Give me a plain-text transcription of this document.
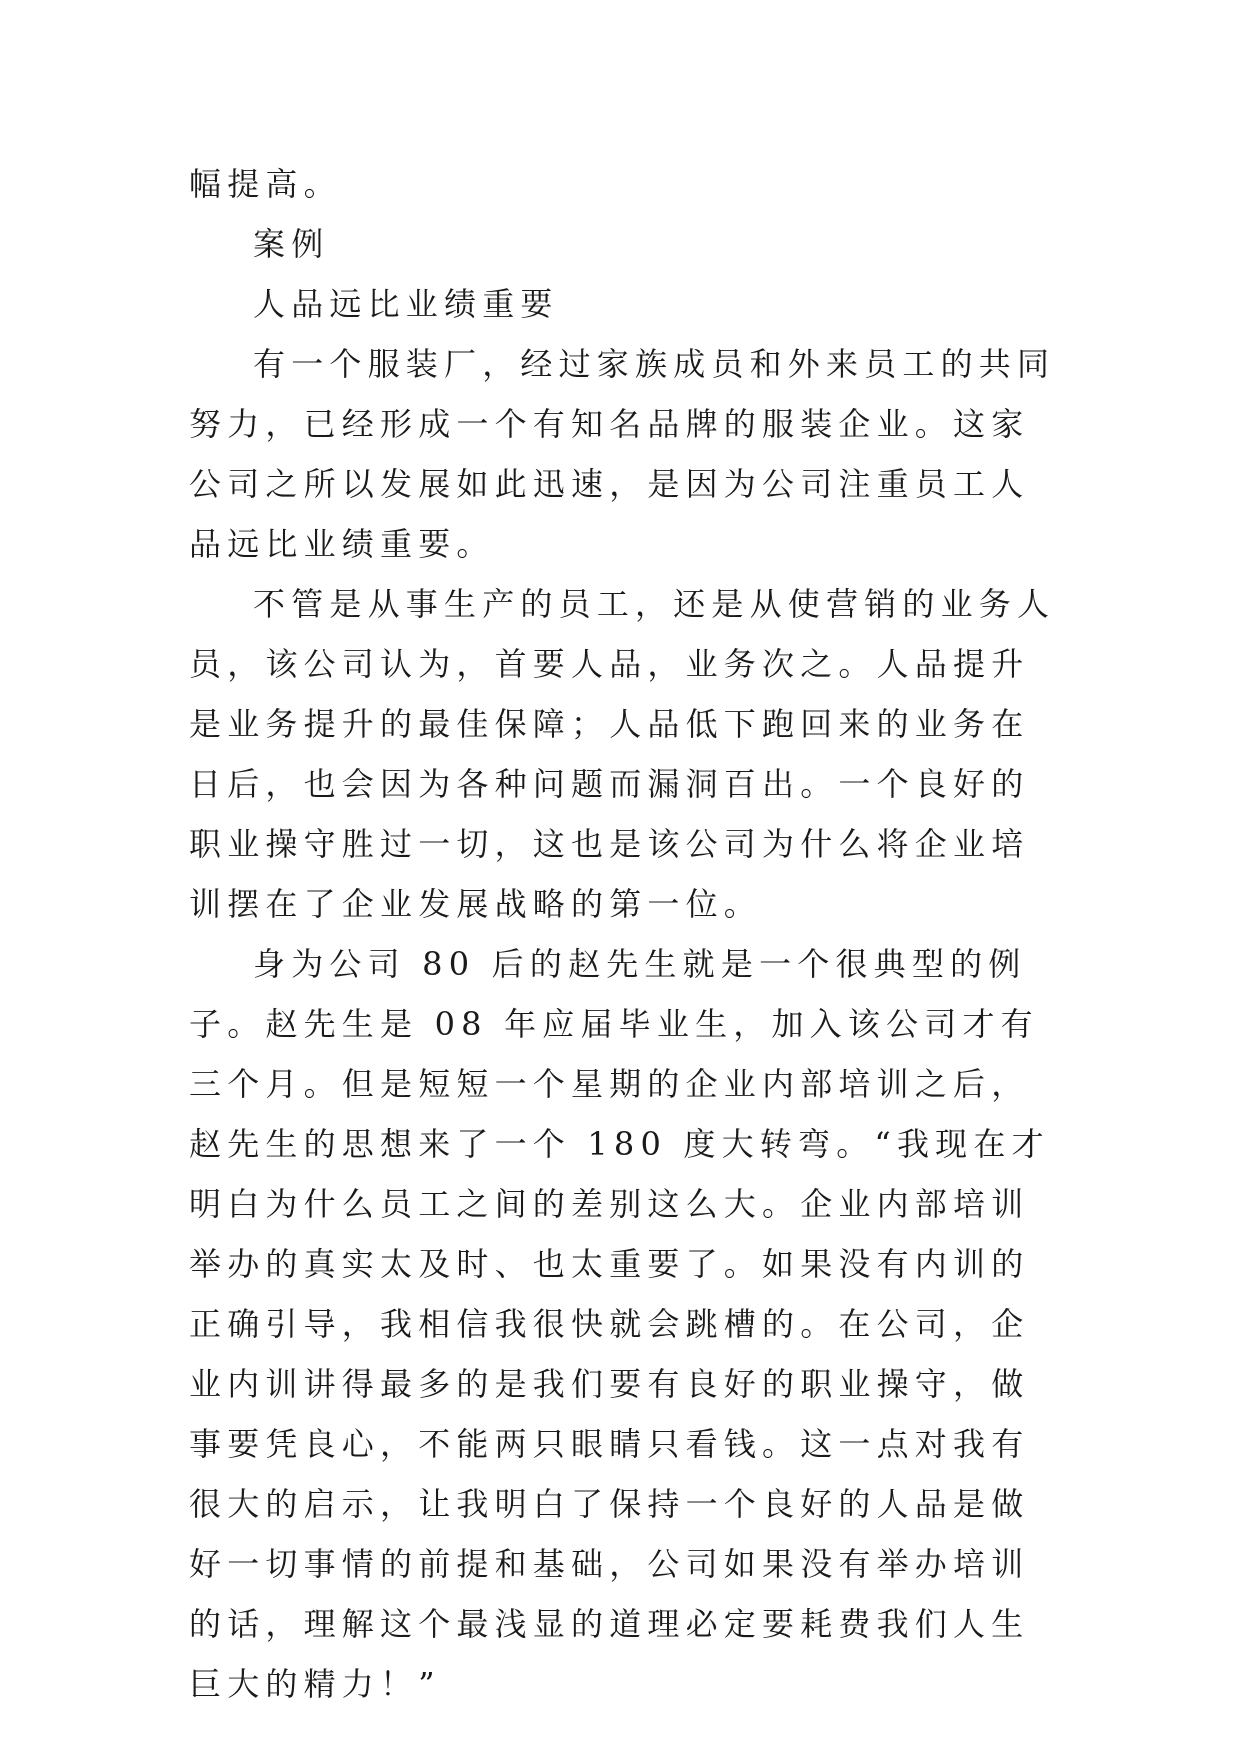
幅提高。

案例

人品远比业绩重要

有一个服装厂，经过家族成员和外来员工的共同努力，已经形成一个有知名品牌的服装企业。这家公司之所以发展如此迅速，是因为公司注重员工人品远比业绩重要。

不管是从事生产的员工，还是从使营销的业务人员，该公司认为，首要人品，业务次之。人品提升是业务提升的最佳保障；人品低下跑回来的业务在日后，也会因为各种问题而漏洞百出。一个良好的职业操守胜过一切，这也是该公司为什么将企业培训摆在了企业发展战略的第一位。

身为公司 80 后的赵先生就是一个很典型的例子。赵先生是 08 年应届毕业生，加入该公司才有三个月。但是短短一个星期的企业内部培训之后，赵先生的思想来了一个 180 度大转弯。“我现在才明白为什么员工之间的差别这么大。企业内部培训举办的真实太及时、也太重要了。如果没有内训的正确引导，我相信我很快就会跳槽的。在公司，企业内训讲得最多的是我们要有良好的职业操守，做事要凭良心，不能两只眼睛只看钱。这一点对我有很大的启示，让我明白了保持一个良好的人品是做好一切事情的前提和基础，公司如果没有举办培训的话，理解这个最浅显的道理必定要耗费我们人生巨大的精力！”
